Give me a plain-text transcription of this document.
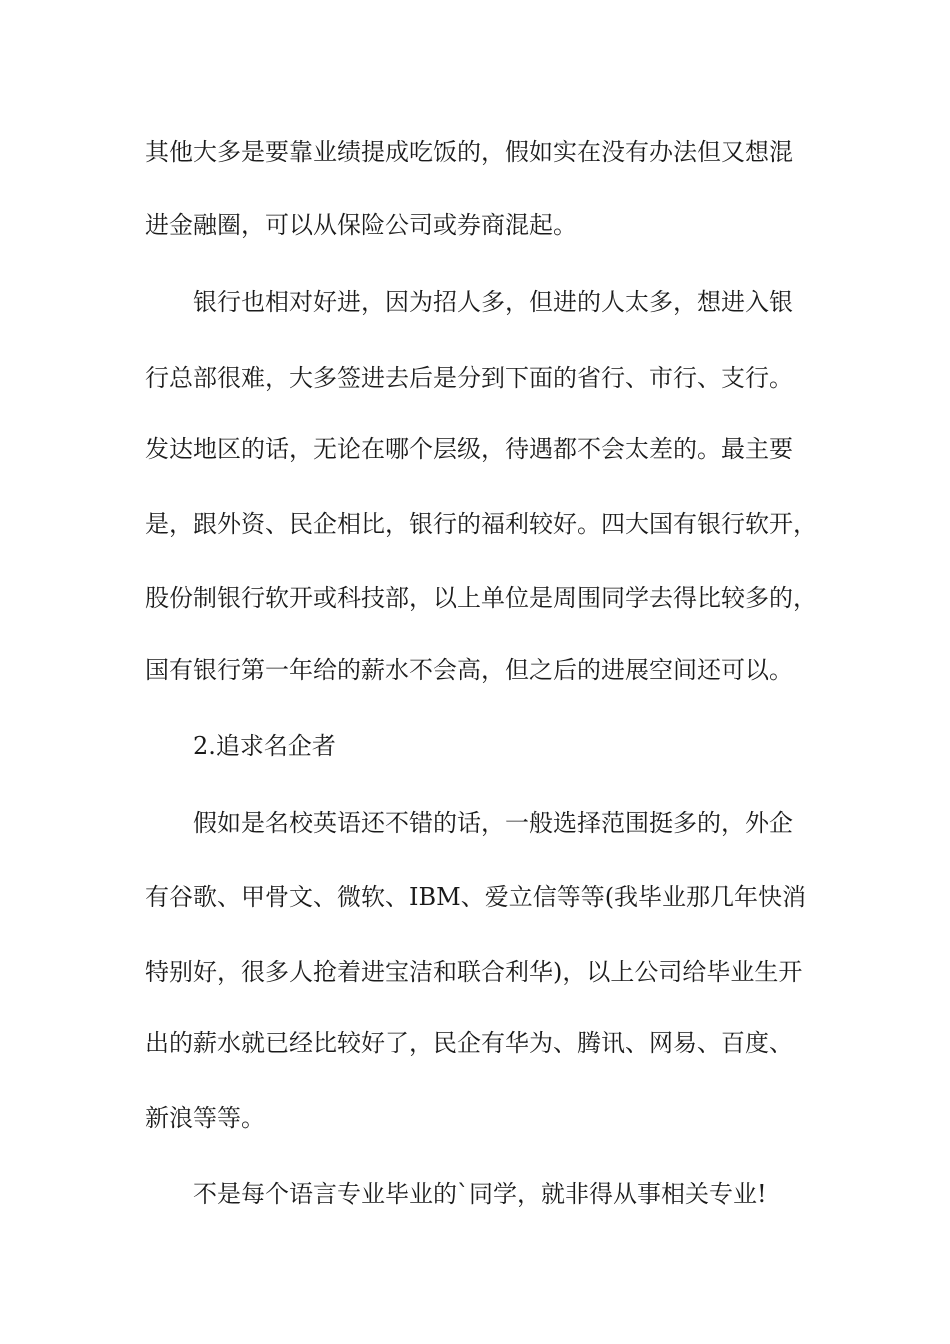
其他大多是要靠业绩提成吃饭的，假如实在没有办法但又想混
进金融圈，可以从保险公司或券商混起。
银行也相对好进，因为招人多，但进的人太多，想进入银
行总部很难，大多签进去后是分到下面的省行、市行、支行。
发达地区的话，无论在哪个层级，待遇都不会太差的。最主要
是，跟外资、民企相比，银行的福利较好。四大国有银行软开，
股份制银行软开或科技部，以上单位是周围同学去得比较多的，
国有银行第一年给的薪水不会高，但之后的进展空间还可以。
2.追求名企者
假如是名校英语还不错的话，一般选择范围挺多的，外企
有谷歌、甲骨文、微软、IBM、爱立信等等(我毕业那几年快消
特别好，很多人抢着进宝洁和联合利华)，以上公司给毕业生开
出的薪水就已经比较好了，民企有华为、腾讯、网易、百度、
新浪等等。
不是每个语言专业毕业的`同学，就非得从事相关专业!
